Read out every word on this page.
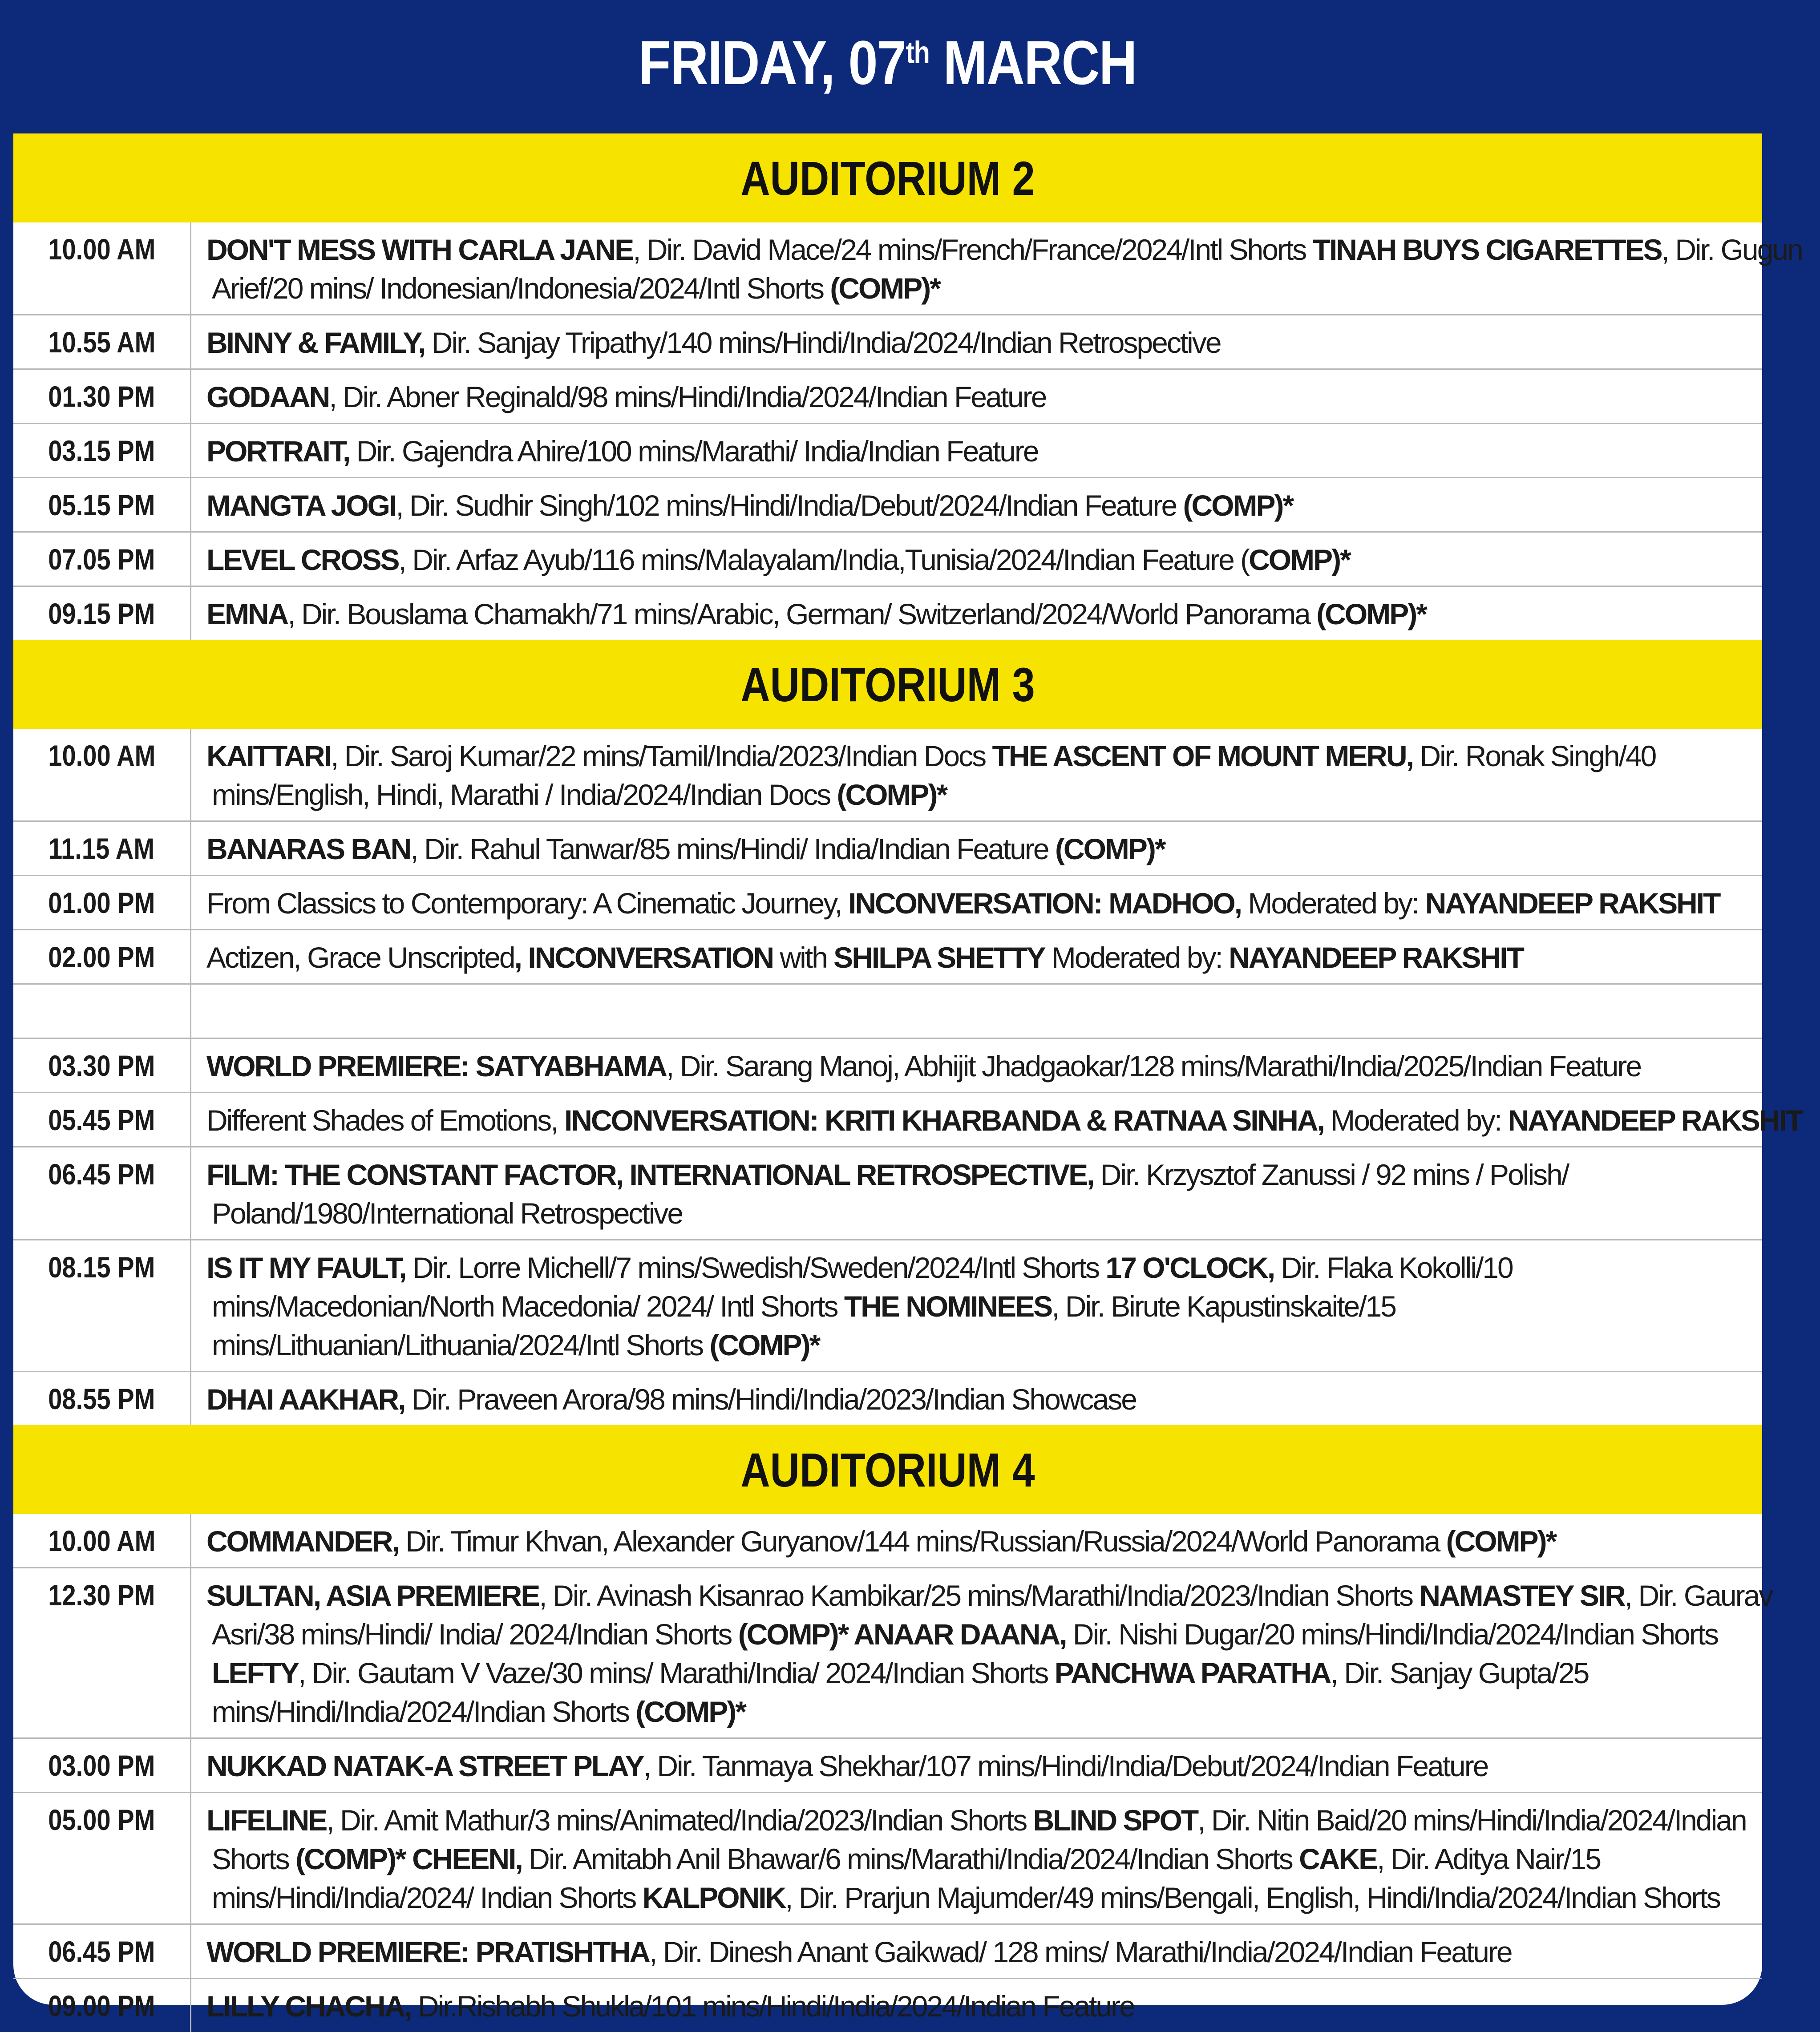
FRIDAY, 07th MARCH
AUDITORIUM 2
10.00 AM	DON'T MESS WITH CARLA JANE, Dir. David Mace/24 mins/French/France/2024/Intl Shorts TINAH BUYS CIGARETTES, Dir. Gugun
Arief/20 mins/ Indonesian/Indonesia/2024/Intl Shorts (COMP)*
10.55 AM	BINNY & FAMILY, Dir. Sanjay Tripathy/140 mins/Hindi/India/2024/Indian Retrospective
01.30 PM	GODAAN, Dir. Abner Reginald/98 mins/Hindi/India/2024/Indian Feature
03.15 PM	PORTRAIT, Dir. Gajendra Ahire/100 mins/Marathi/ India/Indian Feature
05.15 PM	MANGTA JOGI, Dir. Sudhir Singh/102 mins/Hindi/India/Debut/2024/Indian Feature (COMP)*
07.05 PM	LEVEL CROSS, Dir. Arfaz Ayub/116 mins/Malayalam/India,Tunisia/2024/Indian Feature (COMP)*
09.15 PM	EMNA, Dir. Bouslama Chamakh/71 mins/Arabic, German/ Switzerland/2024/World Panorama (COMP)*
AUDITORIUM 3
10.00 AM	KAITTARI, Dir. Saroj Kumar/22 mins/Tamil/India/2023/Indian Docs THE ASCENT OF MOUNT MERU, Dir. Ronak Singh/40
mins/English, Hindi, Marathi / India/2024/Indian Docs (COMP)*
11.15 AM	BANARAS BAN, Dir. Rahul Tanwar/85 mins/Hindi/ India/Indian Feature (COMP)*
01.00 PM	From Classics to Contemporary: A Cinematic Journey, INCONVERSATION: MADHOO, Moderated by: NAYANDEEP RAKSHIT
02.00 PM	Actizen, Grace Unscripted, INCONVERSATION with SHILPA SHETTY Moderated by: NAYANDEEP RAKSHIT

03.30 PM	WORLD PREMIERE: SATYABHAMA, Dir. Sarang Manoj, Abhijit Jhadgaokar/128 mins/Marathi/India/2025/Indian Feature
05.45 PM	Different Shades of Emotions, INCONVERSATION: KRITI KHARBANDA & RATNAA SINHA, Moderated by: NAYANDEEP RAKSHIT
06.45 PM	FILM: THE CONSTANT FACTOR, INTERNATIONAL RETROSPECTIVE, Dir. Krzysztof Zanussi / 92 mins / Polish/
Poland/1980/International Retrospective
08.15 PM	IS IT MY FAULT, Dir. Lorre Michell/7 mins/Swedish/Sweden/2024/Intl Shorts 17 O'CLOCK, Dir. Flaka Kokolli/10
mins/Macedonian/North Macedonia/ 2024/ Intl Shorts THE NOMINEES, Dir. Birute Kapustinskaite/15
mins/Lithuanian/Lithuania/2024/Intl Shorts (COMP)*
08.55 PM	DHAI AAKHAR, Dir. Praveen Arora/98 mins/Hindi/India/2023/Indian Showcase
AUDITORIUM 4
10.00 AM	COMMANDER, Dir. Timur Khvan, Alexander Guryanov/144 mins/Russian/Russia/2024/World Panorama (COMP)*
12.30 PM	SULTAN, ASIA PREMIERE, Dir. Avinash Kisanrao Kambikar/25 mins/Marathi/India/2023/Indian Shorts NAMASTEY SIR, Dir. Gaurav
Asri/38 mins/Hindi/ India/ 2024/Indian Shorts (COMP)* ANAAR DAANA, Dir. Nishi Dugar/20 mins/Hindi/India/2024/Indian Shorts
LEFTY, Dir. Gautam V Vaze/30 mins/ Marathi/India/ 2024/Indian Shorts PANCHWA PARATHA, Dir. Sanjay Gupta/25
mins/Hindi/India/2024/Indian Shorts (COMP)*
03.00 PM	NUKKAD NATAK-A STREET PLAY, Dir. Tanmaya Shekhar/107 mins/Hindi/India/Debut/2024/Indian Feature
05.00 PM	LIFELINE, Dir. Amit Mathur/3 mins/Animated/India/2023/Indian Shorts BLIND SPOT, Dir. Nitin Baid/20 mins/Hindi/India/2024/Indian
Shorts (COMP)* CHEENI, Dir. Amitabh Anil Bhawar/6 mins/Marathi/India/2024/Indian Shorts CAKE, Dir. Aditya Nair/15
mins/Hindi/India/2024/ Indian Shorts KALPONIK, Dir. Prarjun Majumder/49 mins/Bengali, English, Hindi/India/2024/Indian Shorts
06.45 PM	WORLD PREMIERE: PRATISHTHA, Dir. Dinesh Anant Gaikwad/ 128 mins/ Marathi/India/2024/Indian Feature
09.00 PM	LILLY CHACHA, Dir.Rishabh Shukla/101 mins/Hindi/India/2024/Indian Feature
